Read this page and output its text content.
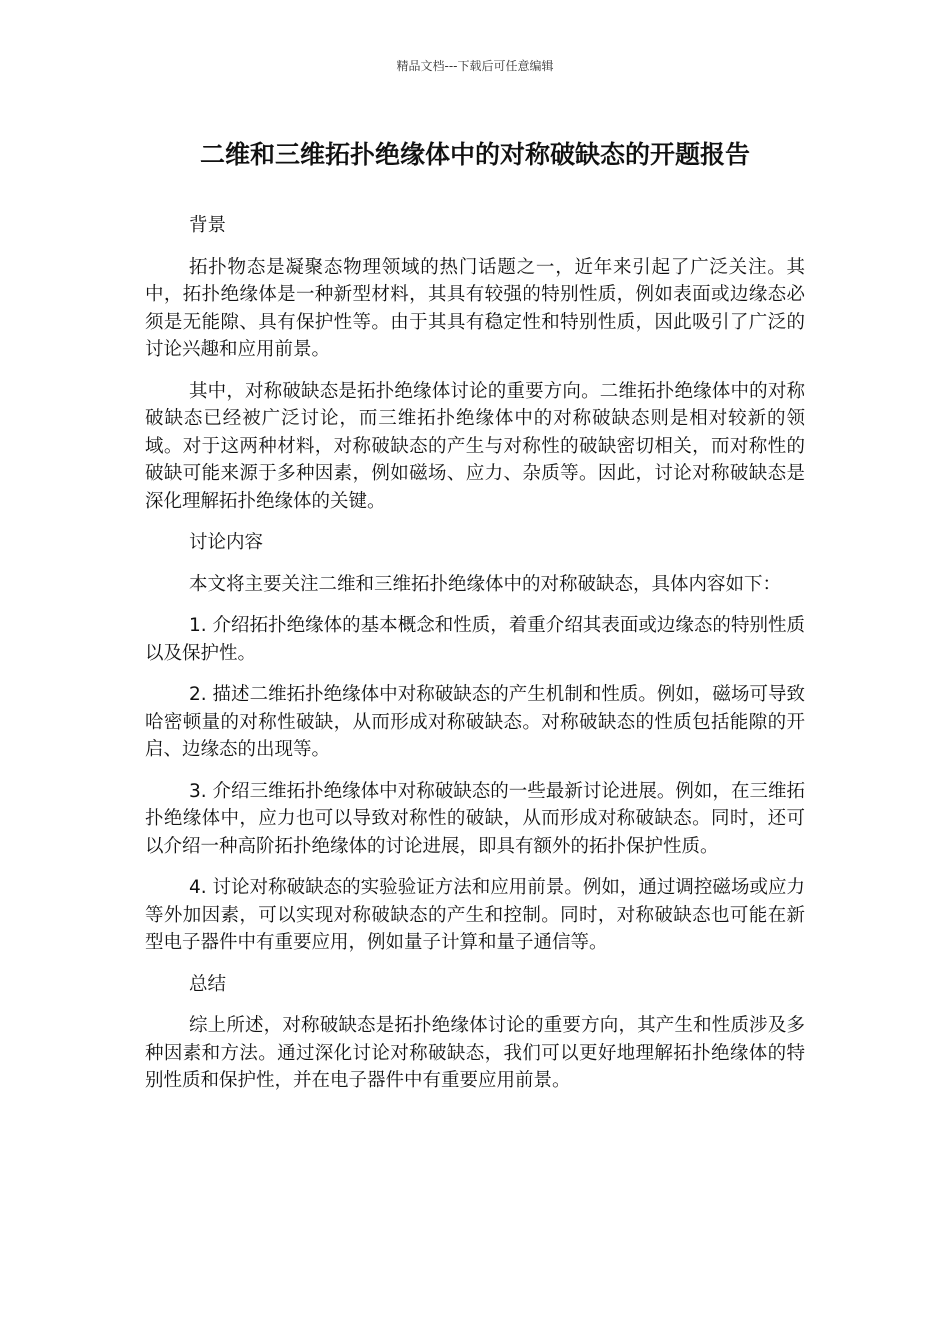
精品文档---下载后可任意编辑
二维和三维拓扑绝缘体中的对称破缺态的开题报告

背景

拓扑物态是凝聚态物理领域的热门话题之一，近年来引起了广泛关注。其中，拓扑绝缘体是一种新型材料，其具有较强的特别性质，例如表面或边缘态必须是无能隙、具有保护性等。由于其具有稳定性和特别性质，因此吸引了广泛的讨论兴趣和应用前景。

其中，对称破缺态是拓扑绝缘体讨论的重要方向。二维拓扑绝缘体中的对称破缺态已经被广泛讨论，而三维拓扑绝缘体中的对称破缺态则是相对较新的领域。对于这两种材料，对称破缺态的产生与对称性的破缺密切相关，而对称性的破缺可能来源于多种因素，例如磁场、应力、杂质等。因此，讨论对称破缺态是深化理解拓扑绝缘体的关键。

讨论内容

本文将主要关注二维和三维拓扑绝缘体中的对称破缺态，具体内容如下：

1. 介绍拓扑绝缘体的基本概念和性质，着重介绍其表面或边缘态的特别性质以及保护性。

2. 描述二维拓扑绝缘体中对称破缺态的产生机制和性质。例如，磁场可导致哈密顿量的对称性破缺，从而形成对称破缺态。对称破缺态的性质包括能隙的开启、边缘态的出现等。

3. 介绍三维拓扑绝缘体中对称破缺态的一些最新讨论进展。例如，在三维拓扑绝缘体中，应力也可以导致对称性的破缺，从而形成对称破缺态。同时，还可以介绍一种高阶拓扑绝缘体的讨论进展，即具有额外的拓扑保护性质。

4. 讨论对称破缺态的实验验证方法和应用前景。例如，通过调控磁场或应力等外加因素，可以实现对称破缺态的产生和控制。同时，对称破缺态也可能在新型电子器件中有重要应用，例如量子计算和量子通信等。

总结

综上所述，对称破缺态是拓扑绝缘体讨论的重要方向，其产生和性质涉及多种因素和方法。通过深化讨论对称破缺态，我们可以更好地理解拓扑绝缘体的特别性质和保护性，并在电子器件中有重要应用前景。
